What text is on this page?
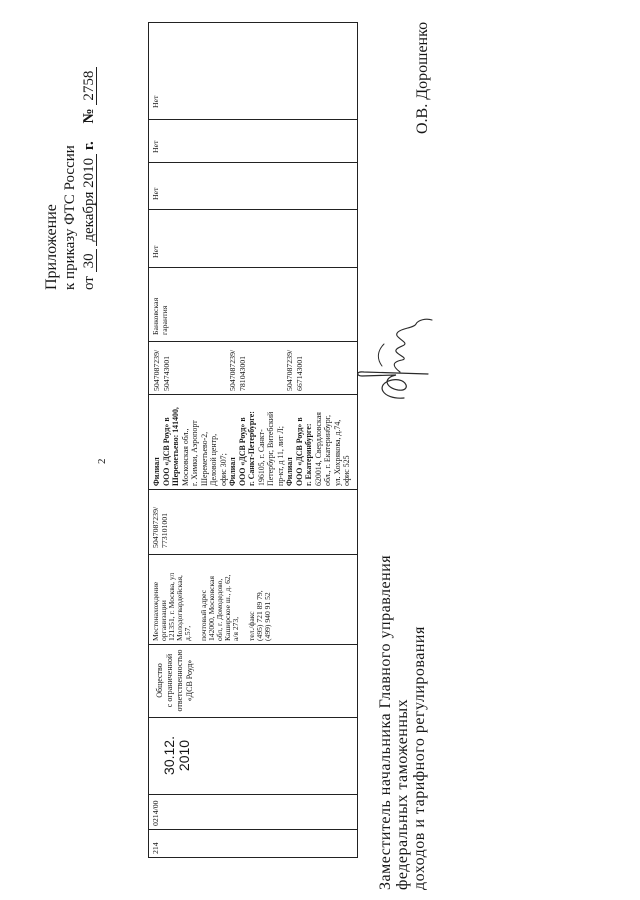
2
Приложение к приказу ФТС России от 30 декабря 2010 г. № 2758
214
0214/00
30.12.2010
Общество с ограниченной ответственностью «ДСВ Роуд»
Местонахождение организации 121351, г. Москва, ул Молодогвардейская, д.57, почтовый адрес 142000, Московская обл, г. Домодедово, Каширское ш., д. 62, а/я 273, тел./факс (495) 721 89 79, (499) 940 91 52
5047087239/ 773101001
Филиал ООО «ДСВ Роуд» в Шереметьево: 141400, Московская обл., г. Химки, Аэропорт Шереметьево-2, Деловой центр, офис 307; Филиал ООО «ДСВ Роуд» в г. Санкт-Петербурге: 196105, г. Санкт- Петербург, Витебский пр-кт, д 11, лит Л; Филиал ООО «ДСВ Роуд» в г. Екатеринбурге: 620014, Свердловская обл., г. Екатеринбург, ул. Хохрякова, д.74, офис 525
5047087239/ 504743001	5047087239/ 781043001	5047087239/ 667143001
Банковская гарантия
Нет
Нет
Нет
Нет
Заместитель начальника Главного управления федеральных таможенных доходов и тарифного регулирования
О.В. Дорошенко
